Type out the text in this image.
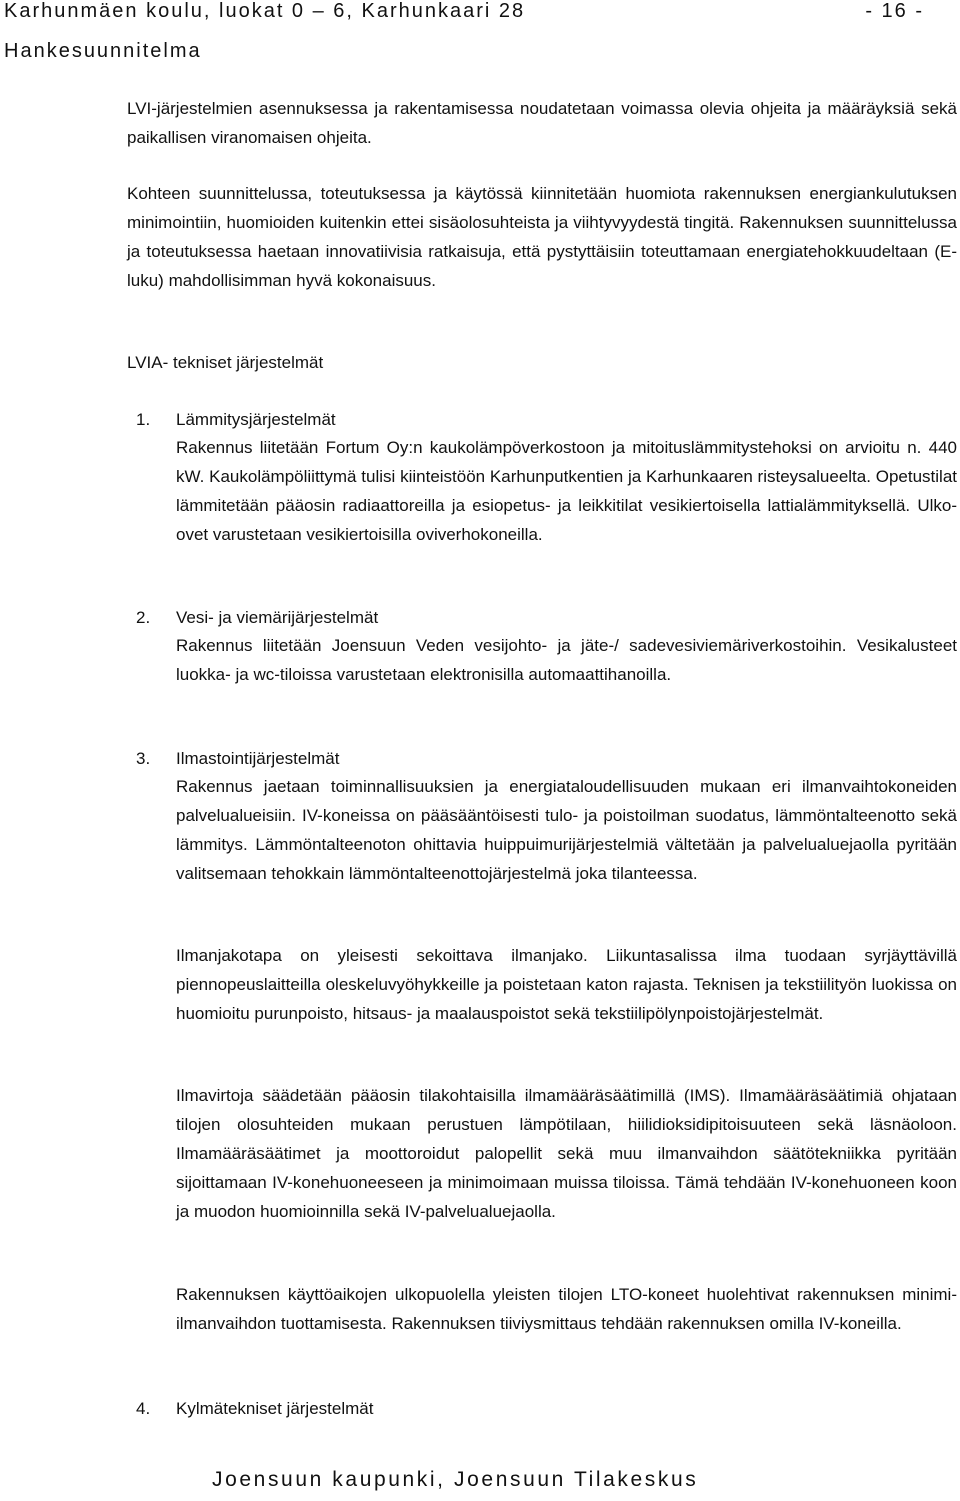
Karhunmäen koulu, luokat 0 – 6, Karhunkaari 28
Hankesuunnitelma
- 16 -
LVI-järjestelmien asennuksessa ja rakentamisessa noudatetaan voimassa olevia ohjeita ja määräyksiä sekä paikallisen viranomaisen ohjeita.
Kohteen suunnittelussa, toteutuksessa ja käytössä kiinnitetään huomiota rakennuksen energiankulutuksen minimointiin, huomioiden kuitenkin ettei sisäolosuhteista ja viihtyvyydestä tingitä. Rakennuksen suunnittelussa ja toteutuksessa haetaan innovatiivisia ratkaisuja, että pystyttäisiin toteuttamaan energiatehokkuudeltaan (E- luku) mahdollisimman hyvä kokonaisuus.
LVIA- tekniset järjestelmät
1. Lämmitysjärjestelmät
Rakennus liitetään Fortum Oy:n kaukolämpöverkostoon ja mitoituslämmitystehoksi on arvioitu n. 440 kW. Kaukolämpöliittymä tulisi kiinteistöön Karhunputkentien ja Karhunkaaren risteysalueelta. Opetustilat lämmitetään pääosin radiaattoreilla ja esiopetus- ja leikkitilat vesikiertoisella lattialämmityksellä. Ulko-ovet varustetaan vesikiertoisilla oviverhokoneilla.
2. Vesi- ja viemärijärjestelmät
Rakennus liitetään Joensuun Veden vesijohto- ja jäte-/ sadevesiviemäriverkostoihin. Vesikalusteet luokka- ja wc-tiloissa varustetaan elektronisilla automaattihanoilla.
3. Ilmastointijärjestelmät
Rakennus jaetaan toiminnallisuuksien ja energiataloudellisuuden mukaan eri ilmanvaihtokoneiden palvelualueisiin. IV-koneissa on pääsääntöisesti tulo- ja poistoilman suodatus, lämmöntalteenotto sekä lämmitys. Lämmöntalteenoton ohittavia huippuimurijärjestelmiä vältetään ja palvelualuejaolla pyritään valitsemaan tehokkain lämmöntalteenottojärjestelmä joka tilanteessa.
Ilmanjakotapa on yleisesti sekoittava ilmanjako. Liikuntasalissa ilma tuodaan syrjäyttävillä piennopeuslaitteilla oleskeluvyöhykkeille ja poistetaan katon rajasta. Teknisen ja tekstiilityön luokissa on huomioitu purunpoisto, hitsaus- ja maalauspoistot sekä tekstiilipölynpoistojärjestelmät.
Ilmavirtoja säädetään pääosin tilakohtaisilla ilmamääräsäätimillä (IMS). Ilmamääräsäätimiä ohjataan tilojen olosuhteiden mukaan perustuen lämpötilaan, hiilidioksidipitoisuuteen sekä läsnäoloon. Ilmamääräsäätimet ja moottoroidut palopellit sekä muu ilmanvaihdon säätötekniikka pyritään sijoittamaan IV-konehuoneeseen ja minimoimaan muissa tiloissa. Tämä tehdään IV-konehuoneen koon ja muodon huomioinnilla sekä IV-palvelualuejaolla.
Rakennuksen käyttöaikojen ulkopuolella yleisten tilojen LTO-koneet huolehtivat rakennuksen minimi-ilmanvaihdon tuottamisesta. Rakennuksen tiiviysmittaus tehdään rakennuksen omilla IV-koneilla.
4. Kylmätekniset järjestelmät
Joensuun kaupunki, Joensuun Tilakeskus
